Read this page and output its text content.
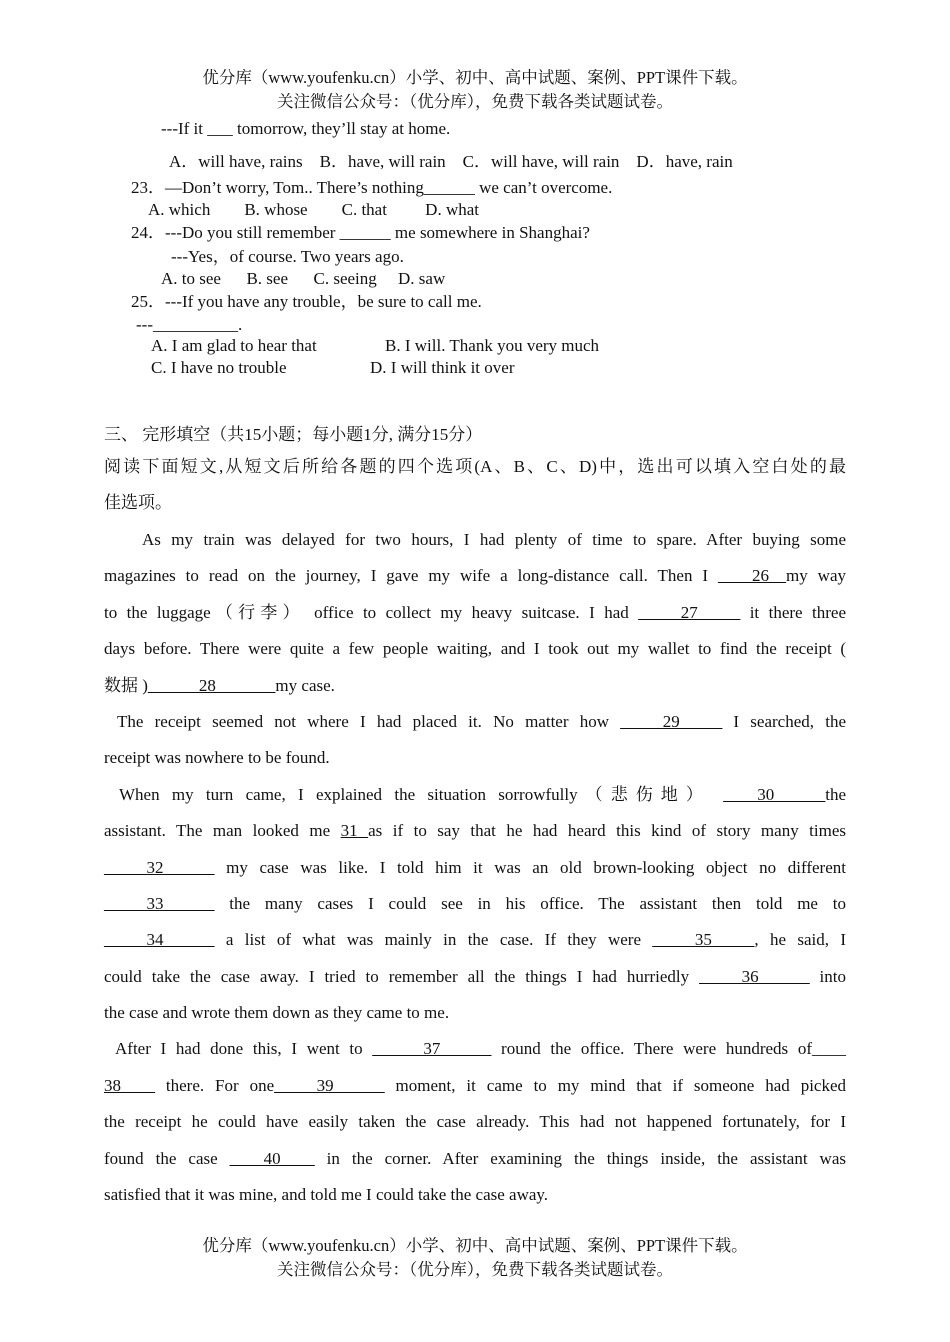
优分库（www.youfenku.cn）小学、初中、高中试题、案例、PPT课件下载。
关注微信公众号：（优分库），免费下载各类试题试卷。
---If it ___ tomorrow, they’ll stay at home.
A．will have, rains    B．have, will rain    C．will have, will rain    D．have, rain
23．—Don’t worry, Tom.. There’s nothing______ we can’t overcome.
A. which        B. whose        C. that         D. what
24．---Do you still remember ______ me somewhere in Shanghai?
---Yes，of course. Two years ago.
A. to see      B. see      C. seeing     D. saw
25．---If you have any trouble，be sure to call me.
---__________.
A. I am glad to hear that	B. I will. Thank you very much
C. I have no trouble	D. I will think it over
三、 完形填空（共15小题；每小题1分, 满分15分）
阅读下面短文,从短文后所给各题的四个选项(A、B、C、D)中，选出可以填入空白处的最
佳选项。
As my train was delayed for two hours, I had plenty of time to spare. After buying some
magazines to read on the journey, I gave my wife a long-distance call. Then I ____26__my way
to the luggage（行李） office to collect my heavy suitcase. I had _____27_____ it there three
days before. There were quite a few people waiting, and I took out my wallet to find the receipt (
数据 )______28_______my case.
The receipt seemed not where I had placed it. No matter how _____29_____ I searched, the
receipt was nowhere to be found.
When my turn came, I explained the situation sorrowfully（悲伤地） ____30______the
assistant. The man looked me 31 as if to say that he had heard this kind of story many times
_____32______ my case was like. I told him it was an old brown-looking object no different
_____33______ the many cases I could see in his office. The assistant then told me to
_____34______ a list of what was mainly in the case. If they were _____35_____, he said, I
could take the case away. I tried to remember all the things I had hurriedly _____36______ into
the case and wrote them down as they came to me.
After I had done this, I went to ______37______ round the office. There were hundreds of____
38____ there. For one_____39______ moment, it came to my mind that if someone had picked
the receipt he could have easily taken the case already. This had not happened fortunately, for I
found the case ____40____ in the corner. After examining the things inside, the assistant was
satisfied that it was mine, and told me I could take the case away.
优分库（www.youfenku.cn）小学、初中、高中试题、案例、PPT课件下载。
关注微信公众号：（优分库），免费下载各类试题试卷。
